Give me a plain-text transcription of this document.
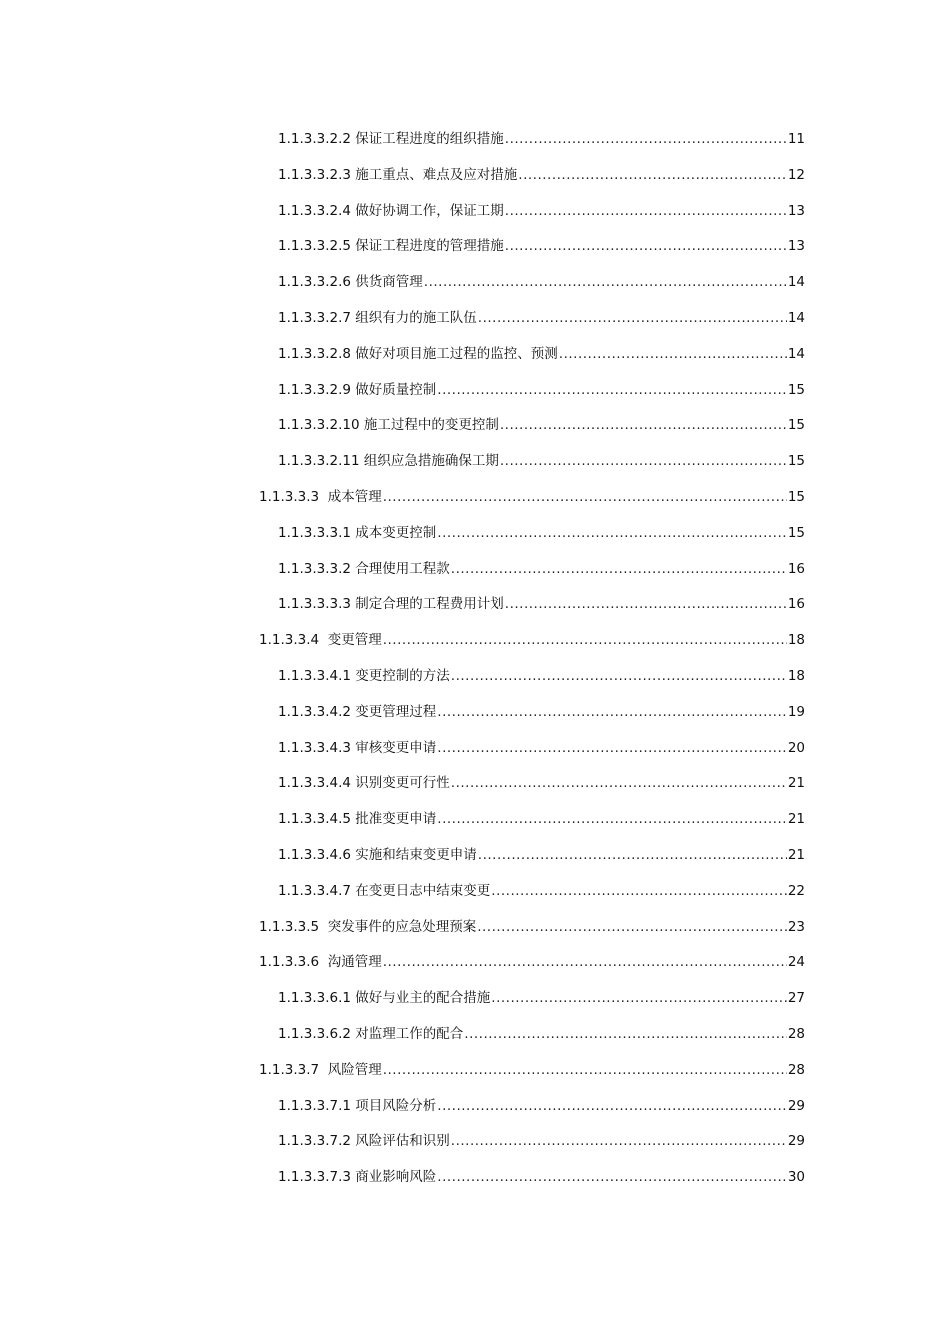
1.1.3.3.2.2 保证工程进度的组织措施 .....	11
1.1.3.3.2.3 施工重点、难点及应对措施 .....	12
1.1.3.3.2.4 做好协调工作，保证工期 .....	13
1.1.3.3.2.5 保证工程进度的管理措施 .....	13
1.1.3.3.2.6 供货商管理 .....	14
1.1.3.3.2.7 组织有力的施工队伍 .....	14
1.1.3.3.2.8 做好对项目施工过程的监控、预测 .....	14
1.1.3.3.2.9 做好质量控制 .....	15
1.1.3.3.2.10 施工过程中的变更控制 .....	15
1.1.3.3.2.11 组织应急措施确保工期 .....	15
1.1.3.3.3 成本管理 .....	15
1.1.3.3.3.1 成本变更控制 .....	15
1.1.3.3.3.2 合理使用工程款 .....	16
1.1.3.3.3.3 制定合理的工程费用计划 .....	16
1.1.3.3.4 变更管理 .....	18
1.1.3.3.4.1 变更控制的方法 .....	18
1.1.3.3.4.2 变更管理过程 .....	19
1.1.3.3.4.3 审核变更申请 .....	20
1.1.3.3.4.4 识别变更可行性 .....	21
1.1.3.3.4.5 批准变更申请 .....	21
1.1.3.3.4.6 实施和结束变更申请 .....	21
1.1.3.3.4.7 在变更日志中结束变更 .....	22
1.1.3.3.5 突发事件的应急处理预案 .....	23
1.1.3.3.6 沟通管理 .....	24
1.1.3.3.6.1 做好与业主的配合措施 .....	27
1.1.3.3.6.2 对监理工作的配合 .....	28
1.1.3.3.7 风险管理 .....	28
1.1.3.3.7.1 项目风险分析 .....	29
1.1.3.3.7.2 风险评估和识别 .....	29
1.1.3.3.7.3 商业影响风险 .....	30
